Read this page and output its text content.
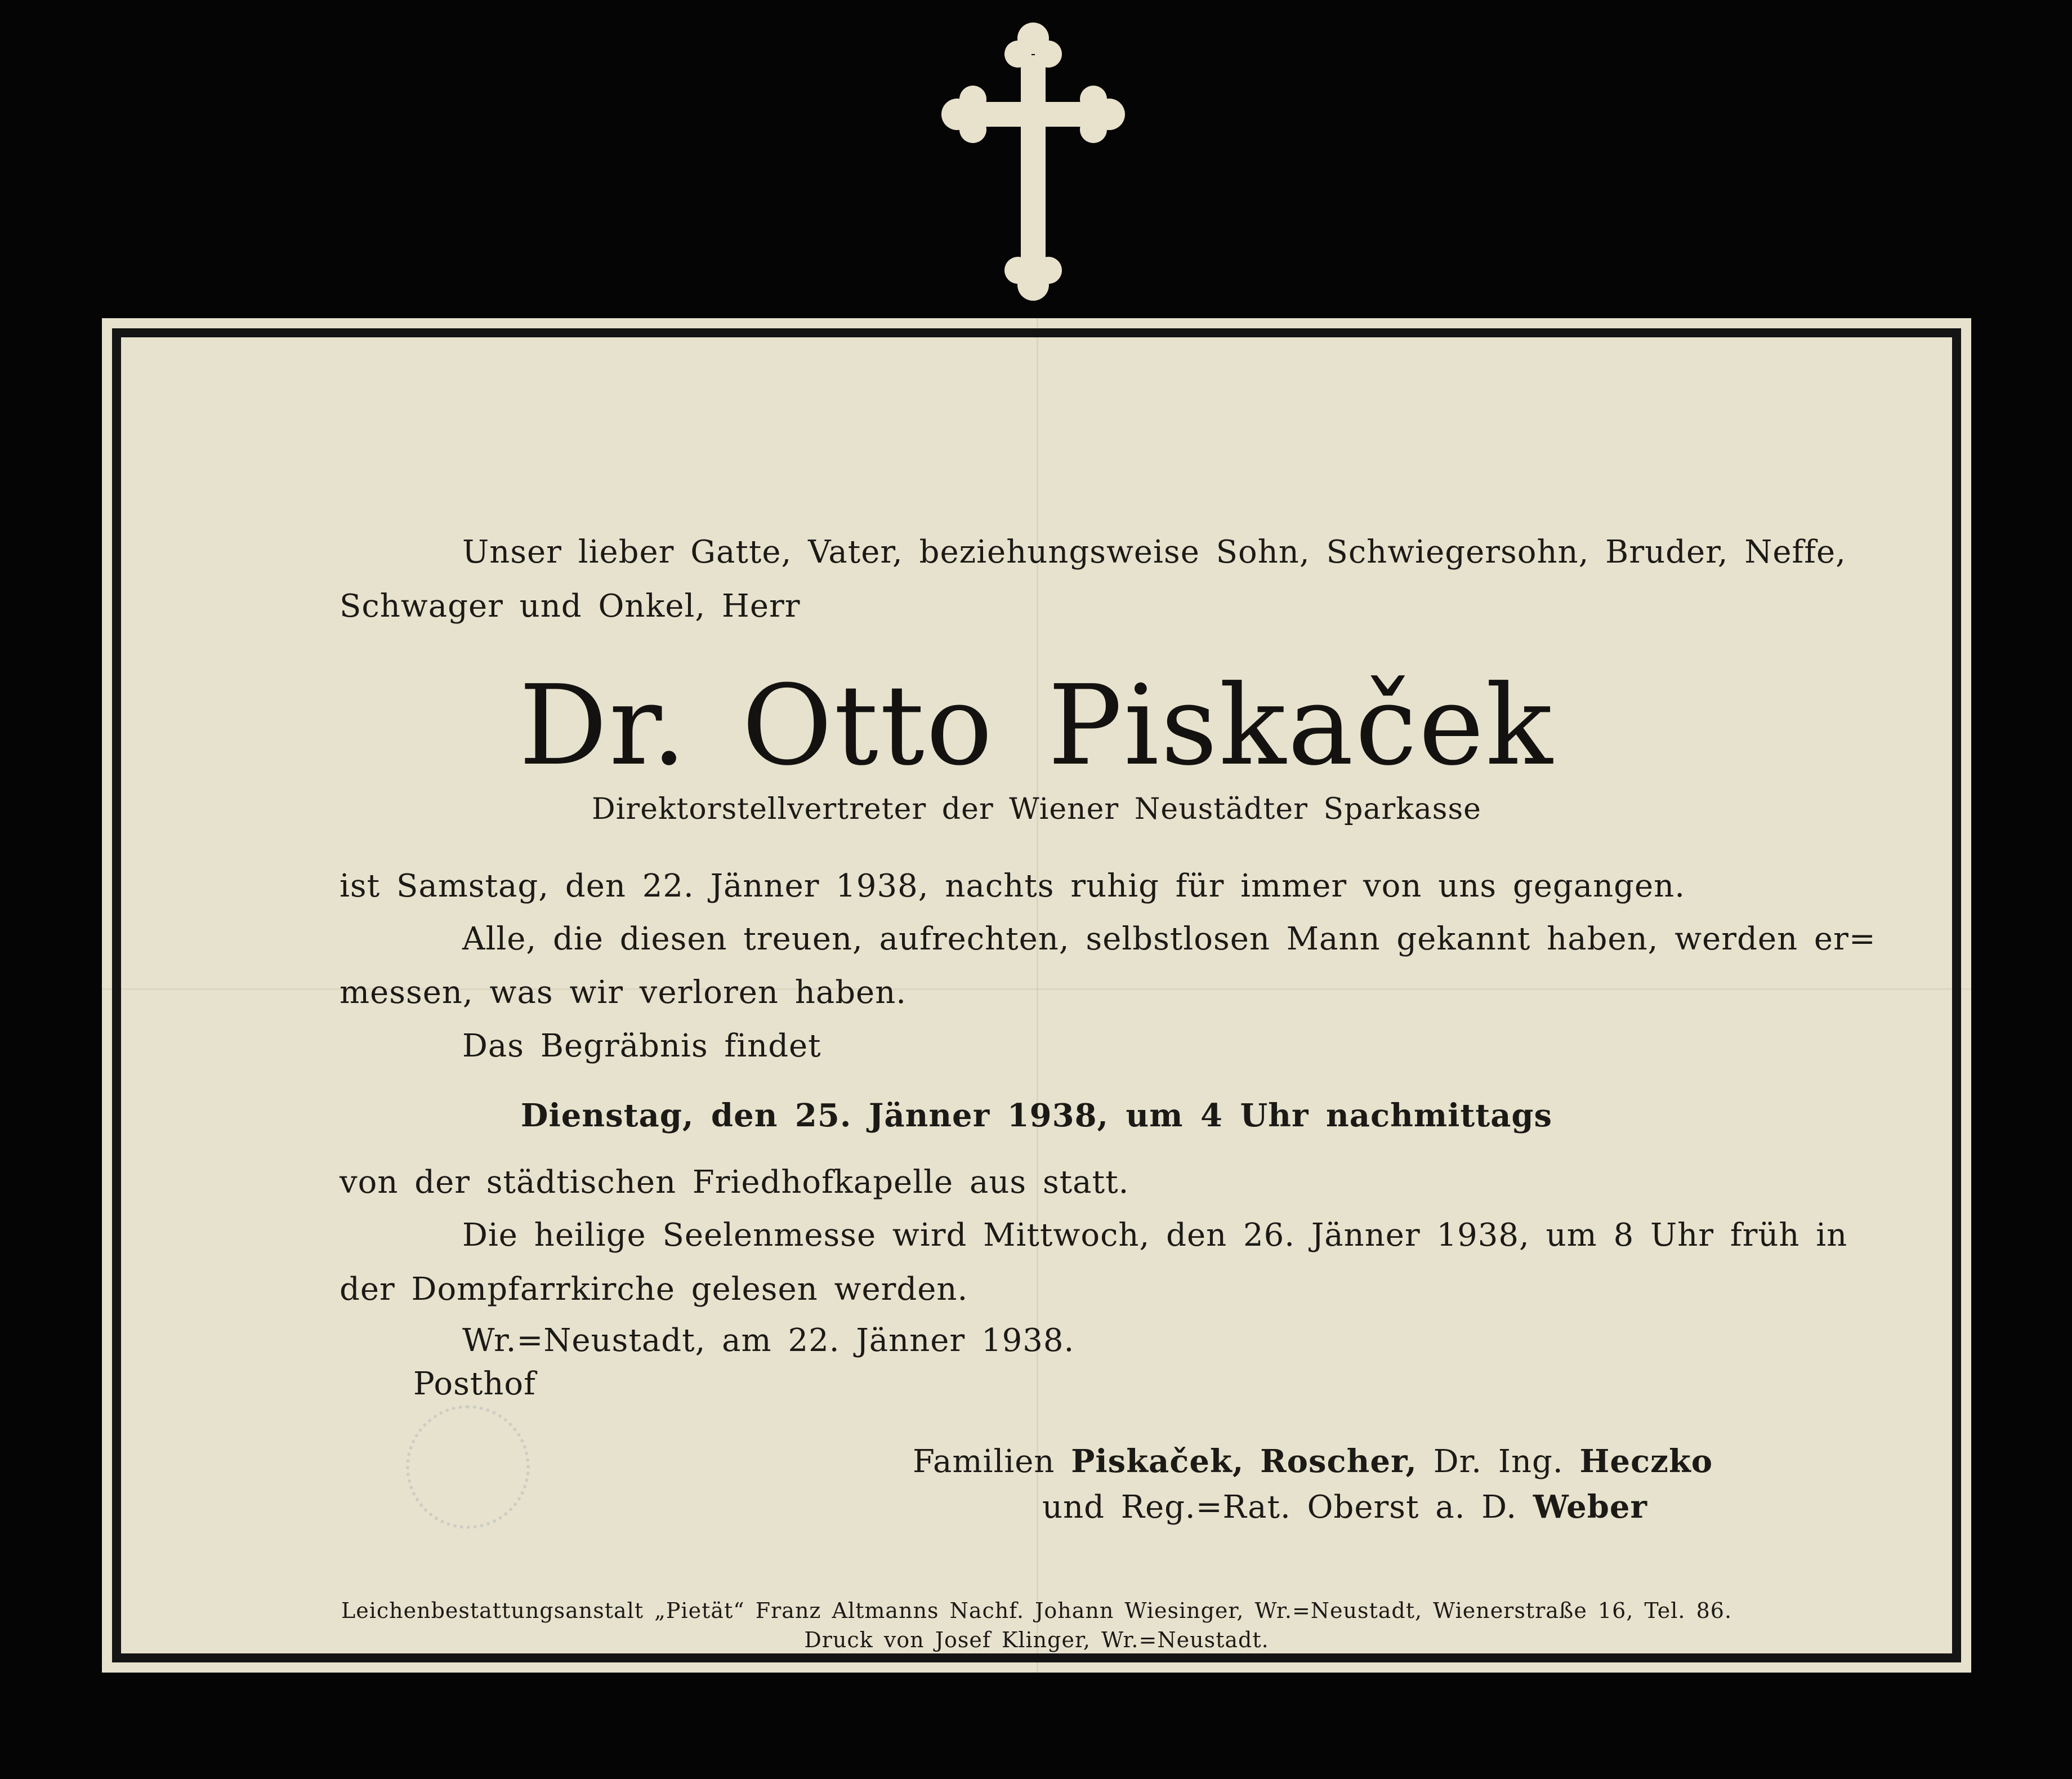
Unser lieber Gatte, Vater, beziehungsweise Sohn, Schwiegersohn, Bruder, Neffe,
Schwager und Onkel, Herr
Dr. Otto Piskaček
Direktorstellvertreter der Wiener Neustädter Sparkasse
ist Samstag, den 22. Jänner 1938, nachts ruhig für immer von uns gegangen.
Alle, die diesen treuen, aufrechten, selbstlosen Mann gekannt haben, werden er=
messen, was wir verloren haben.
Das Begräbnis findet
Dienstag, den 25. Jänner 1938, um 4 Uhr nachmittags
von der städtischen Friedhofkapelle aus statt.
Die heilige Seelenmesse wird Mittwoch, den 26. Jänner 1938, um 8 Uhr früh in
der Dompfarrkirche gelesen werden.
Wr.=Neustadt, am 22. Jänner 1938.
Posthof
Familien Piskaček, Roscher, Dr. Ing. Heczko
und Reg.=Rat. Oberst a. D. Weber
Leichenbestattungsanstalt „Pietät“ Franz Altmanns Nachf. Johann Wiesinger, Wr.=Neustadt, Wienerstraße 16, Tel. 86.
Druck von Josef Klinger, Wr.=Neustadt.
